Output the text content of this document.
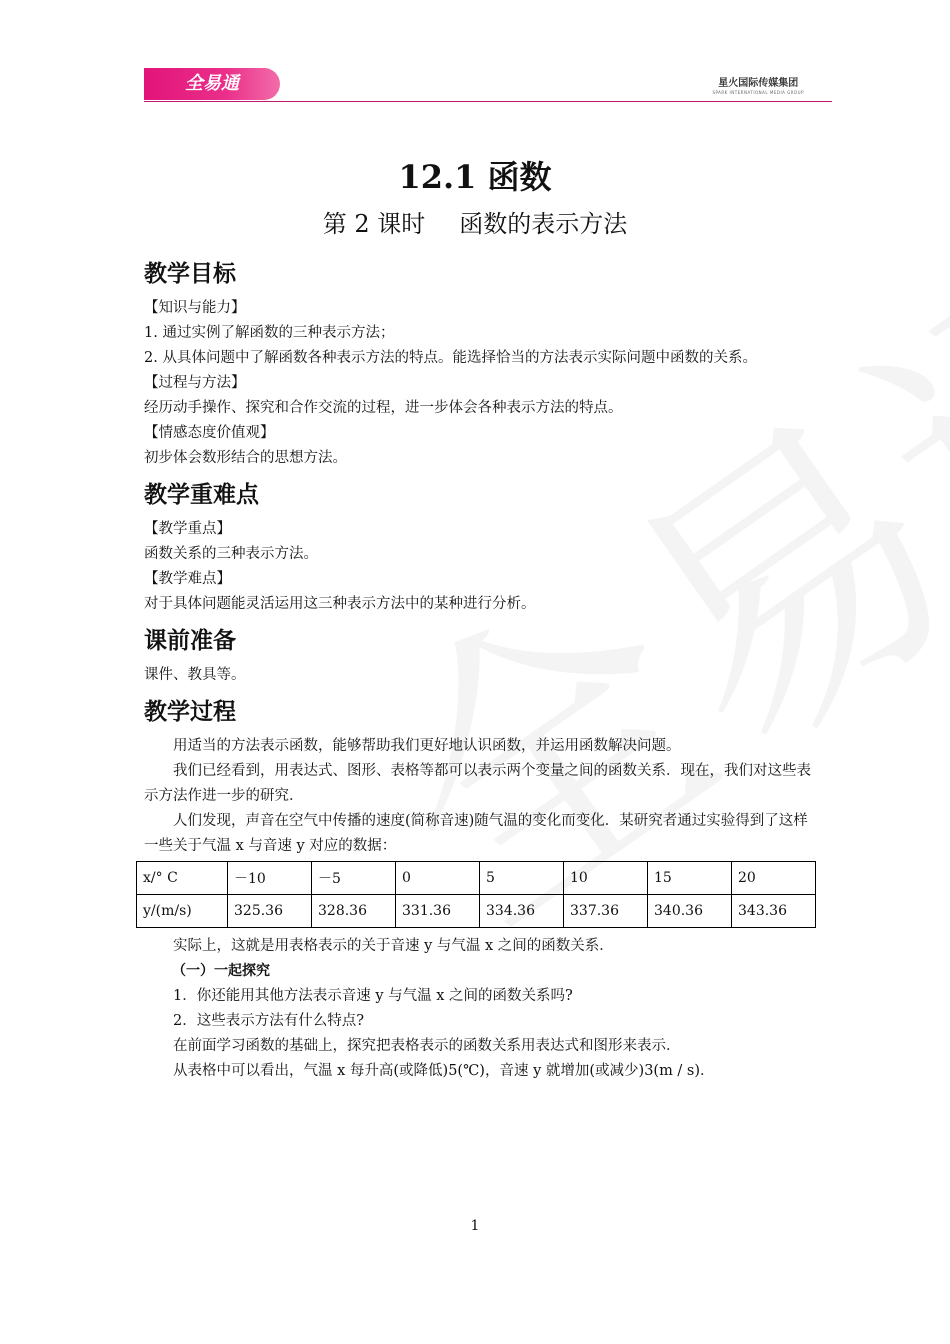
全易通	星火国际传媒集团
SPARK INTERNATIONAL MEDIA GROUP
12.1 函数
第 2 课时 函数的表示方法
教学目标

【知识与能力】

1. 通过实例了解函数的三种表示方法；

2. 从具体问题中了解函数各种表示方法的特点。能选择恰当的方法表示实际问题中函数的关系。

【过程与方法】

经历动手操作、探究和合作交流的过程，进一步体会各种表示方法的特点。

【情感态度价值观】

初步体会数形结合的思想方法。

教学重难点

【教学重点】

函数关系的三种表示方法。

【教学难点】

对于具体问题能灵活运用这三种表示方法中的某种进行分析。

课前准备

课件、教具等。

教学过程

用适当的方法表示函数，能够帮助我们更好地认识函数，并运用函数解决问题。

我们已经看到，用表达式、图形、表格等都可以表示两个变量之间的函数关系．现在，我们对这些表示方法作进一步的研究．

人们发现，声音在空气中传播的速度(简称音速)随气温的变化而变化．某研究者通过实验得到了这样一些关于气温 x 与音速 y 对应的数据：

x/° C	－10	－5	0	5	10	15	20
y/(m/s)	325.36	328.36	331.36	334.36	337.36	340.36	343.36

实际上，这就是用表格表示的关于音速 y 与气温 x 之间的函数关系．

（一）一起探究

1．你还能用其他方法表示音速 y 与气温 x 之间的函数关系吗?

2．这些表示方法有什么特点?

在前面学习函数的基础上，探究把表格表示的函数关系用表达式和图形来表示．

从表格中可以看出，气温 x 每升高(或降低)5(℃)，音速 y 就增加(或减少)3(m / s)．

1
